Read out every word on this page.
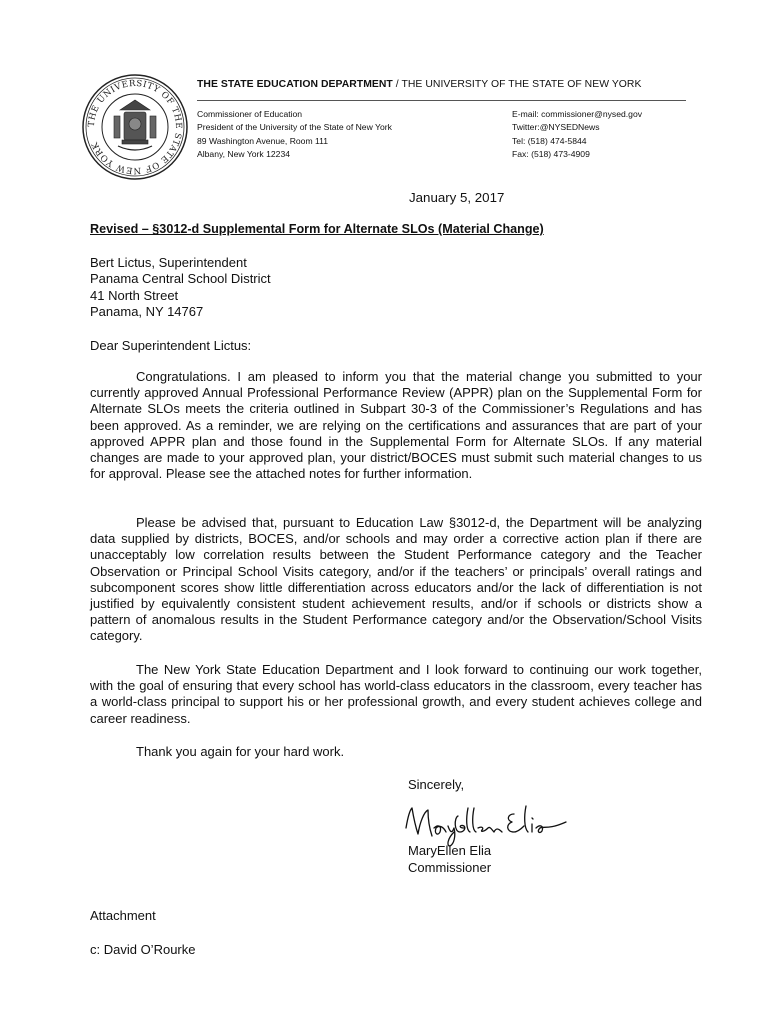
THE UNIVERSITY OF THE STATE OF NEW YORK
THE STATE EDUCATION DEPARTMENT / THE UNIVERSITY OF THE STATE OF NEW YORK
Commissioner of Education
President of the University of the State of New York
89 Washington Avenue, Room 111
Albany, New York 12234
E-mail: commissioner@nysed.gov
Twitter:@NYSEDNews
Tel: (518) 474-5844
Fax: (518) 473-4909
January 5, 2017
Revised – §3012-d Supplemental Form for Alternate SLOs (Material Change)
Bert Lictus, Superintendent
Panama Central School District
41 North Street
Panama, NY 14767
Dear Superintendent Lictus:

Congratulations. I am pleased to inform you that the material change you submitted to your currently approved Annual Professional Performance Review (APPR) plan on the Supplemental Form for Alternate SLOs meets the criteria outlined in Subpart 30-3 of the Commissioner’s Regulations and has been approved. As a reminder, we are relying on the certifications and assurances that are part of your approved APPR plan and those found in the Supplemental Form for Alternate SLOs. If any material changes are made to your approved plan, your district/BOCES must submit such material changes to us for approval. Please see the attached notes for further information.

Please be advised that, pursuant to Education Law §3012-d, the Department will be analyzing data supplied by districts, BOCES, and/or schools and may order a corrective action plan if there are unacceptably low correlation results between the Student Performance category and the Teacher Observation or Principal School Visits category, and/or if the teachers’ or principals’ overall ratings and subcomponent scores show little differentiation across educators and/or the lack of differentiation is not justified by equivalently consistent student achievement results, and/or if schools or districts show a pattern of anomalous results in the Student Performance category and/or the Observation/School Visits category.

The New York State Education Department and I look forward to continuing our work together, with the goal of ensuring that every school has world-class educators in the classroom, every teacher has a world-class principal to support his or her professional growth, and every student achieves college and career readiness.

Thank you again for your hard work.
Sincerely,
MaryEllen Elia
Commissioner
Attachment
c: David O’Rourke
